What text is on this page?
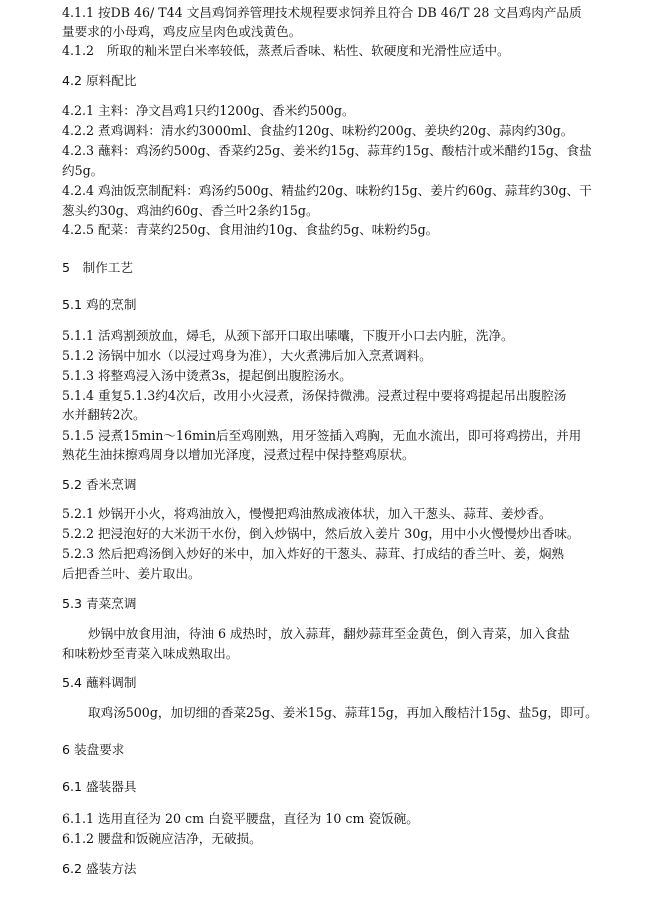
4.1.1 按DB 46/ T44 文昌鸡饲养管理技术规程要求饲养且符合 DB 46/T 28 文昌鸡肉产品质
量要求的小母鸡，鸡皮应呈肉色或浅黄色。
4.1.2　所取的籼米罡白米率较低，蒸煮后香味、粘性、软硬度和光滑性应适中。
4.2 原料配比
4.2.1 主料：净文昌鸡1只约1200g、香米约500g。
4.2.2 煮鸡调料：清水约3000ml、食盐约120g、味粉约200g、姜块约20g、蒜肉约30g。
4.2.3 蘸料：鸡汤约500g、香菜约25g、姜米约15g、蒜茸约15g、酸桔汁或米醋约15g、食盐
约5g。
4.2.4 鸡油饭烹制配料：鸡汤约500g、精盐约20g、味粉约15g、姜片约60g、蒜茸约30g、干
葱头约30g、鸡油约60g、香兰叶2条约15g。
4.2.5 配菜：青菜约250g、食用油约10g、食盐约5g、味粉约5g。
5　制作工艺
5.1 鸡的烹制
5.1.1 活鸡割颈放血，燖毛，从颈下部开口取出嗉囔，下腹开小口去内脏，洗净。
5.1.2 汤锅中加水（以浸过鸡身为准），大火煮沸后加入烹煮调料。
5.1.3 将整鸡浸入汤中烫煮3s，提起倒出腹腔汤水。
5.1.4 重复5.1.3约4次后，改用小火浸煮，汤保持微沸。浸煮过程中要将鸡提起吊出腹腔汤
水并翻转2次。
5.1.5 浸煮15min～16min后至鸡刚熟，用牙签插入鸡胸，无血水流出，即可将鸡捞出，并用
熟花生油抹擦鸡周身以增加光泽度，浸煮过程中保持整鸡原状。
5.2 香米烹调
5.2.1 炒锅开小火，将鸡油放入，慢慢把鸡油熬成液体状，加入干葱头、蒜茸、姜炒香。
5.2.2 把浸泡好的大米沥干水份，倒入炒锅中，然后放入姜片 30g，用中小火慢慢炒出香味。
5.2.3 然后把鸡汤倒入炒好的米中，加入炸好的干葱头、蒜茸、打成结的香兰叶、姜，焖熟
后把香兰叶、姜片取出。
5.3 青菜烹调
炒锅中放食用油，待油 6 成热时，放入蒜茸，翻炒蒜茸至金黄色，倒入青菜，加入食盐
和味粉炒至青菜入味成熟取出。
5.4 蘸料调制
取鸡汤500g，加切细的香菜25g、姜米15g、蒜茸15g，再加入酸桔汁15g、盐5g，即可。
6 装盘要求
6.1 盛装器具
6.1.1 选用直径为 20 cm 白瓷平腰盘，直径为 10 cm 瓷饭碗。
6.1.2 腰盘和饭碗应洁净，无破损。
6.2 盛装方法
